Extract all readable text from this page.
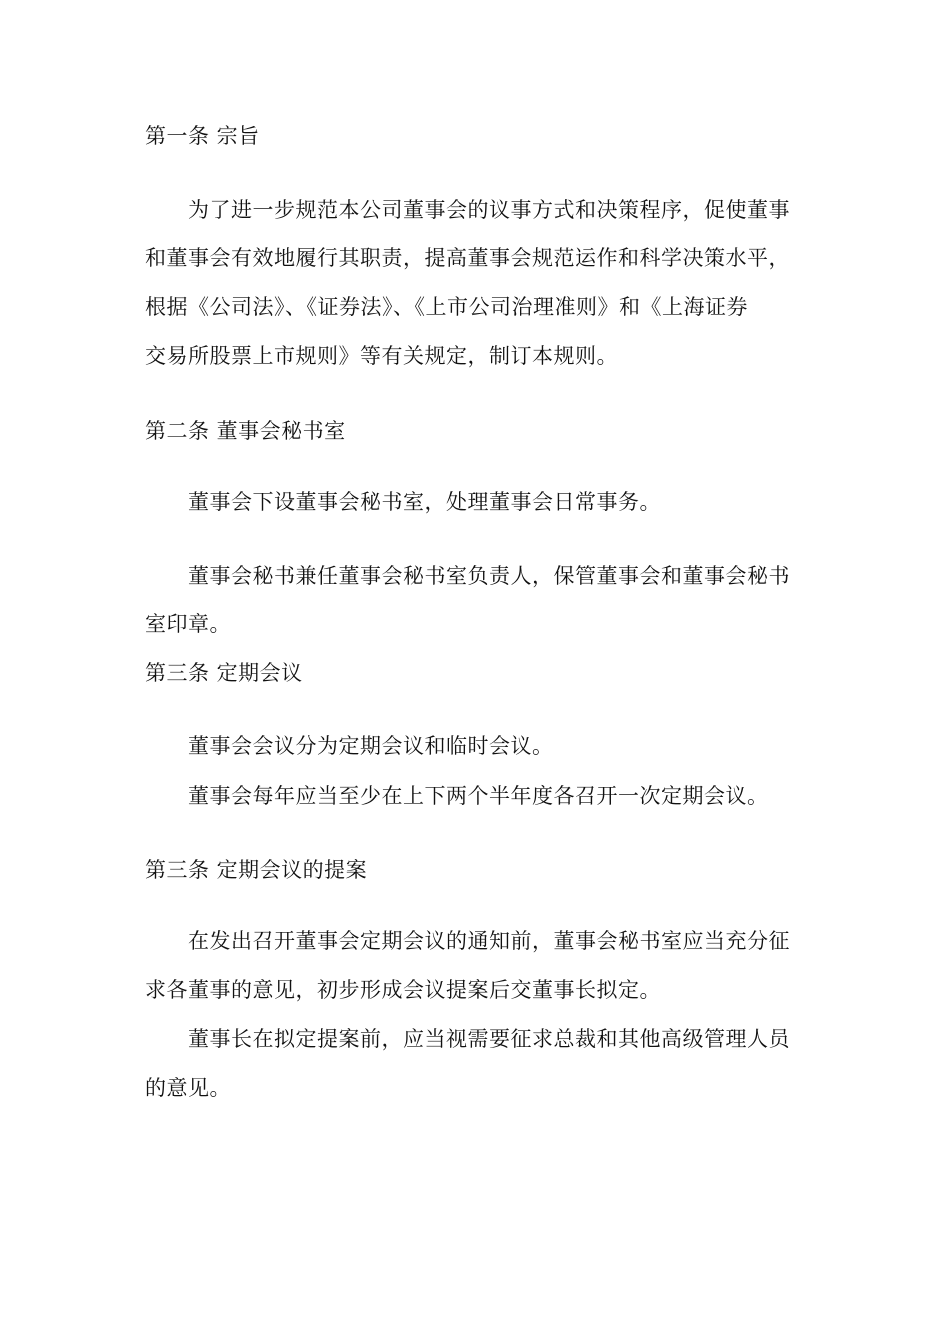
第一条 宗旨
为了进一步规范本公司董事会的议事方式和决策程序，促使董事
和董事会有效地履行其职责，提高董事会规范运作和科学决策水平，
根据《公司法》、《证券法》、《上市公司治理准则》和《上海证券
交易所股票上市规则》等有关规定，制订本规则。
第二条 董事会秘书室
董事会下设董事会秘书室，处理董事会日常事务。
董事会秘书兼任董事会秘书室负责人，保管董事会和董事会秘书
室印章。
第三条 定期会议
董事会会议分为定期会议和临时会议。
董事会每年应当至少在上下两个半年度各召开一次定期会议。
第三条 定期会议的提案
在发出召开董事会定期会议的通知前，董事会秘书室应当充分征
求各董事的意见，初步形成会议提案后交董事长拟定。
董事长在拟定提案前，应当视需要征求总裁和其他高级管理人员
的意见。
